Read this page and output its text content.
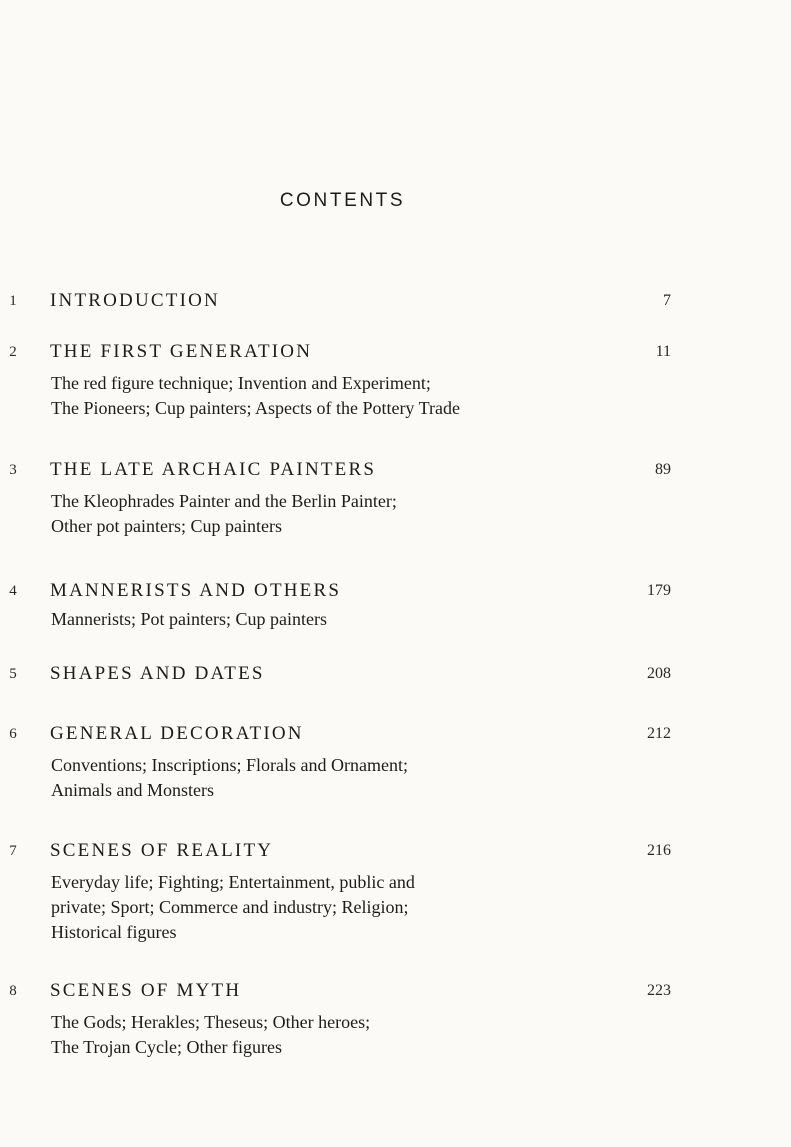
CONTENTS
1 INTRODUCTION	7
2 THE FIRST GENERATION	11
The red figure technique; Invention and Experiment;
The Pioneers; Cup painters; Aspects of the Pottery Trade
3 THE LATE ARCHAIC PAINTERS	89
The Kleophrades Painter and the Berlin Painter;
Other pot painters; Cup painters
4 MANNERISTS AND OTHERS	179
Mannerists; Pot painters; Cup painters
5 SHAPES AND DATES	208
6 GENERAL DECORATION	212
Conventions; Inscriptions; Florals and Ornament;
Animals and Monsters
7 SCENES OF REALITY	216
Everyday life; Fighting; Entertainment, public and
private; Sport; Commerce and industry; Religion;
Historical figures
8 SCENES OF MYTH	223
The Gods; Herakles; Theseus; Other heroes;
The Trojan Cycle; Other figures
